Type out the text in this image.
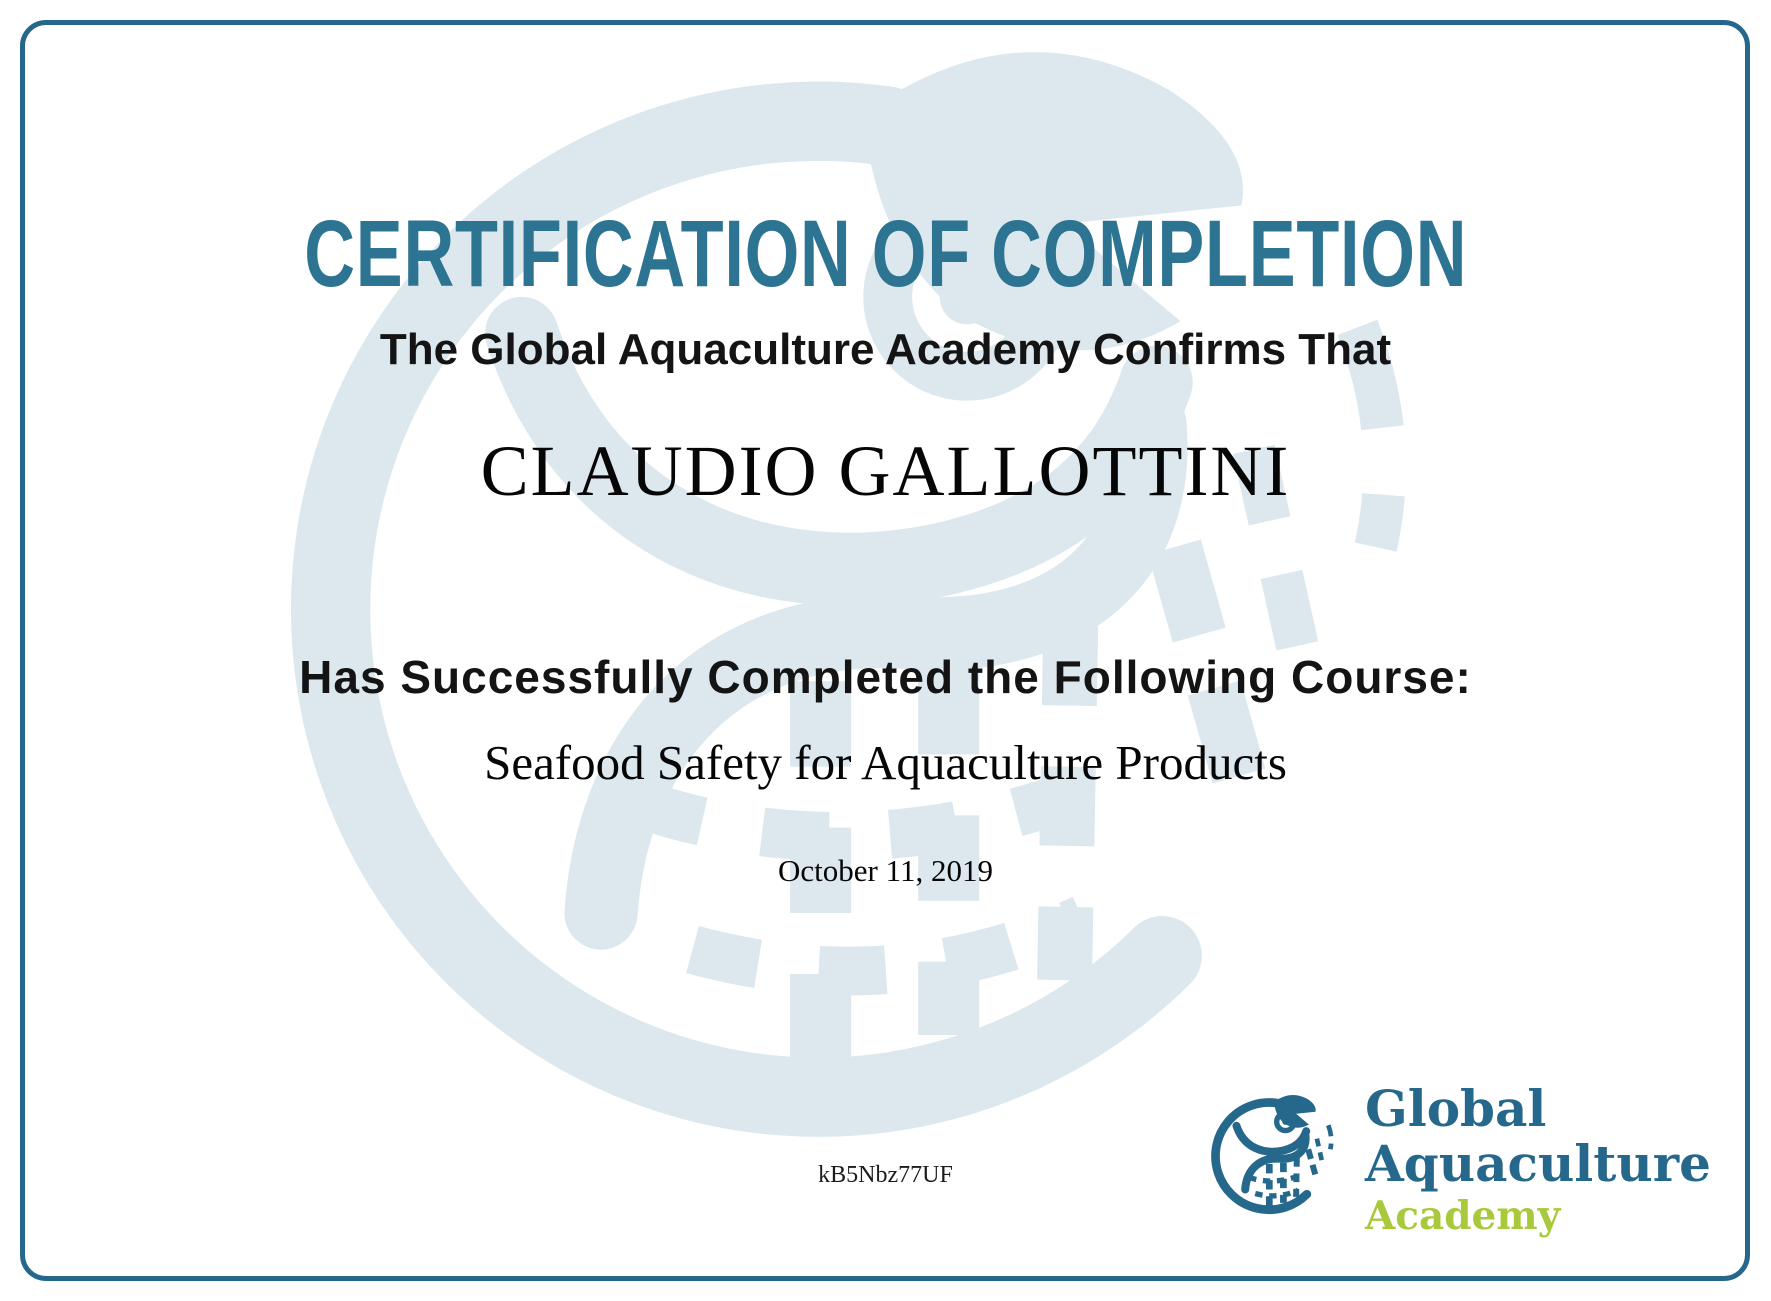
CERTIFICATION OF COMPLETION
The Global Aquaculture Academy Confirms That
CLAUDIO GALLOTTINI
Has Successfully Completed the Following Course:
Seafood Safety for Aquaculture Products
October 11, 2019
kB5Nbz77UF
Global
Aquaculture
Academy
